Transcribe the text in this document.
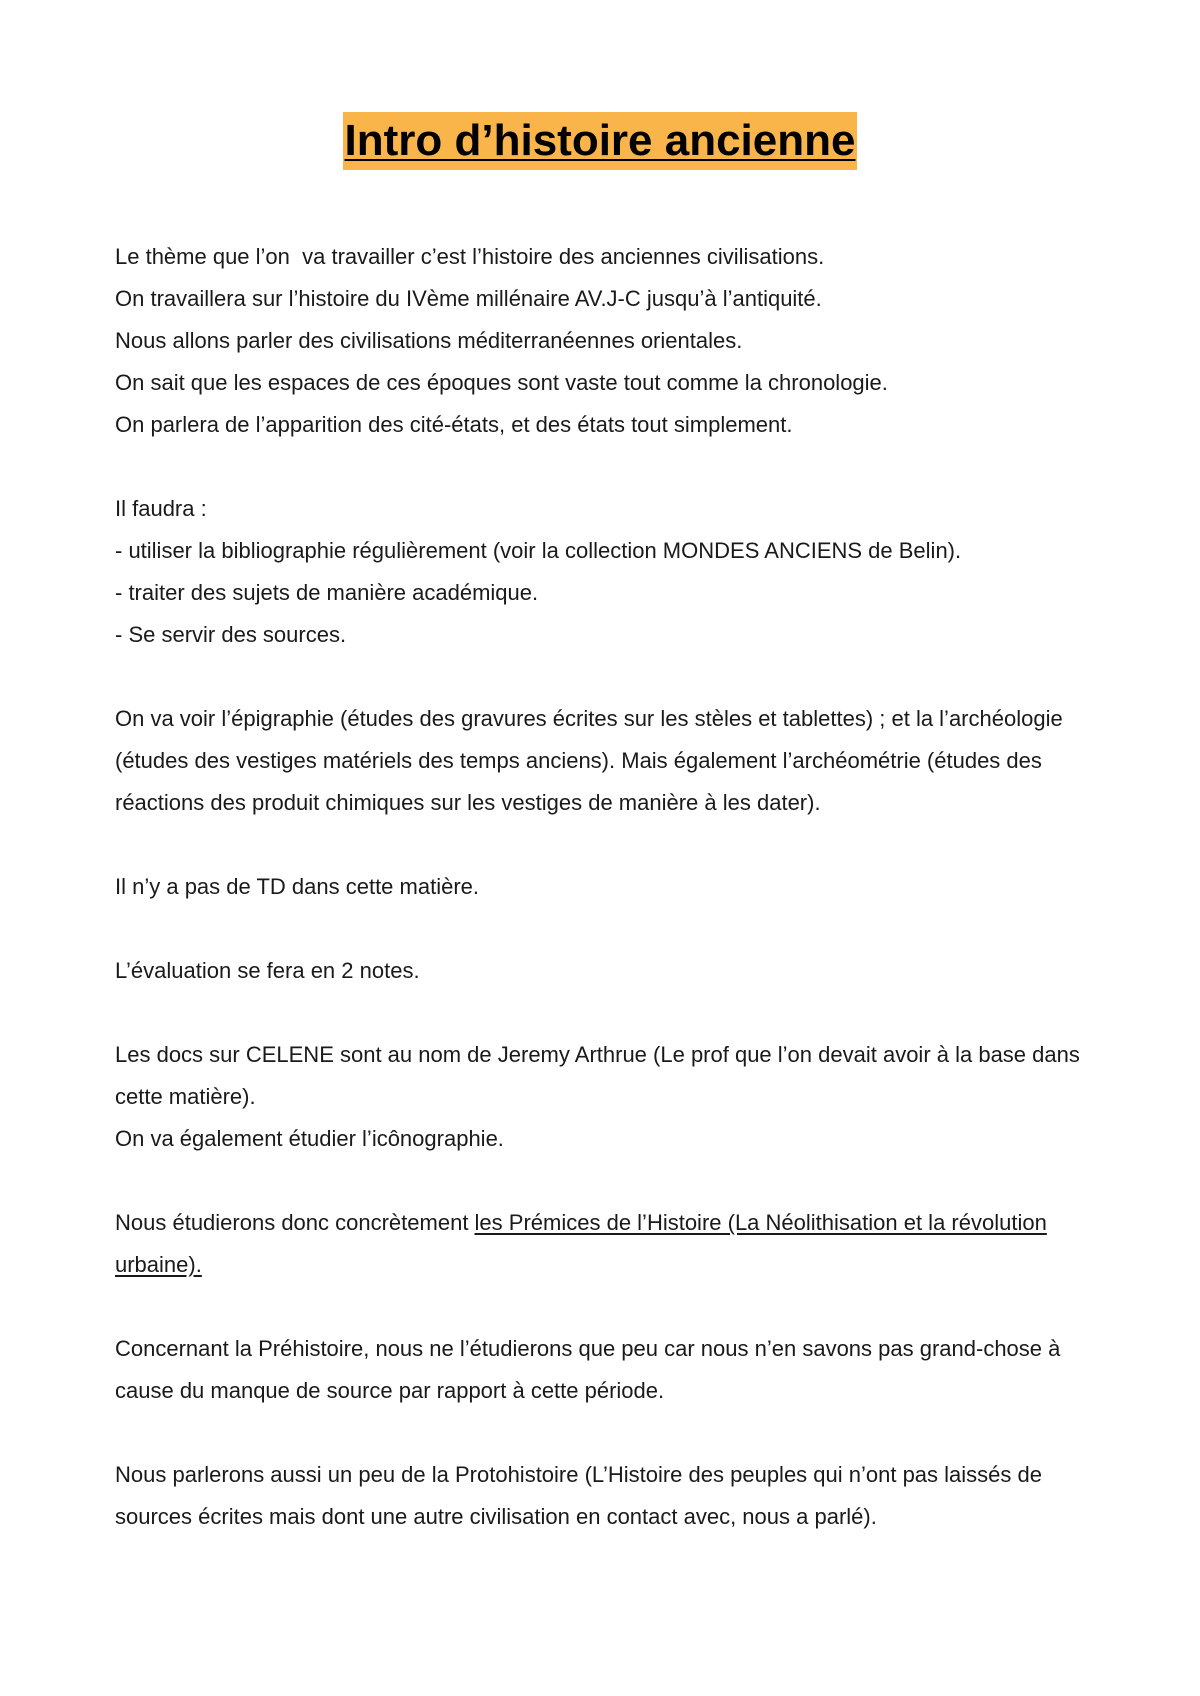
Intro d’histoire ancienne
Le thème que l’on  va travailler c’est l’histoire des anciennes civilisations.
On travaillera sur l’histoire du IVème millénaire AV.J-C jusqu’à l’antiquité.
Nous allons parler des civilisations méditerranéennes orientales.
On sait que les espaces de ces époques sont vaste tout comme la chronologie.
On parlera de l’apparition des cité-états, et des états tout simplement.
Il faudra :
- utiliser la bibliographie régulièrement (voir la collection MONDES ANCIENS de Belin).
- traiter des sujets de manière académique.
- Se servir des sources.

On va voir l’épigraphie (études des gravures écrites sur les stèles et tablettes) ; et la l’archéologie (études des vestiges matériels des temps anciens). Mais également l’archéométrie (études des réactions des produit chimiques sur les vestiges de manière à les dater).

Il n’y a pas de TD dans cette matière.
L’évaluation se fera en 2 notes.

Les docs sur CELENE sont au nom de Jeremy Arthrue (Le prof que l’on devait avoir à la base dans cette matière).

On va également étudier l’icônographie.

Nous étudierons donc concrètement les Prémices de l’Histoire (La Néolithisation et la révolution urbaine).

Concernant la Préhistoire, nous ne l’étudierons que peu car nous n’en savons pas grand-chose à cause du manque de source par rapport à cette période.

Nous parlerons aussi un peu de la Protohistoire (L’Histoire des peuples qui n’ont pas laissés de sources écrites mais dont une autre civilisation en contact avec, nous a parlé).
